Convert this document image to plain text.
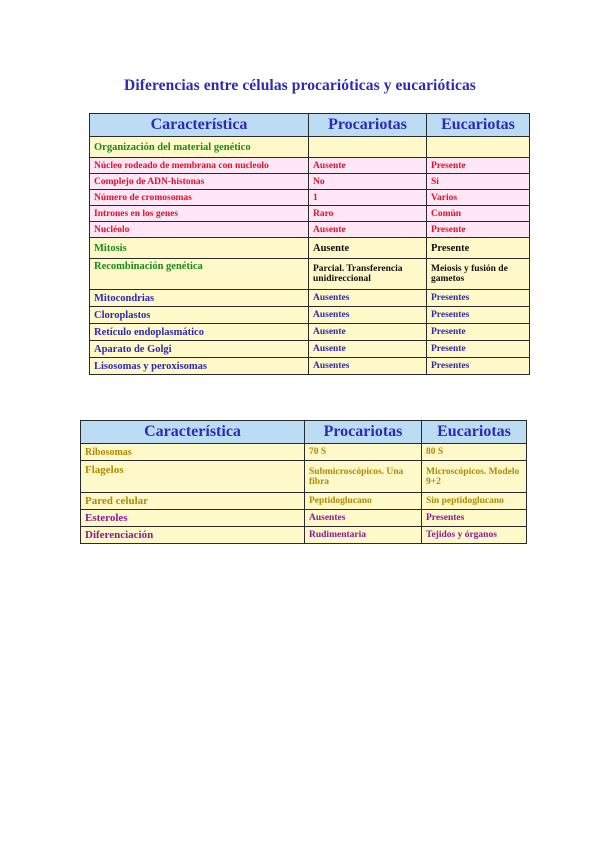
Diferencias entre células procarióticas y eucarióticas
Característica	Procariotas	Eucariotas
Organización del material genético		
Núcleo rodeado de membrana con nucleolo	Ausente	Presente
Complejo de ADN-histonas	No	Sí
Número de cromosomas	1	Varios
Intrones en los genes	Raro	Común
Nucléolo	Ausente	Presente
Mitosis	Ausente	Presente
Recombinación genética	Parcial. Transferencia unidireccional	Meiosis y fusión de gametos
Mitocondrias	Ausentes	Presentes
Cloroplastos	Ausentes	Presentes
Retículo endoplasmático	Ausente	Presente
Aparato de Golgi	Ausente	Presente
Lisosomas y peroxisomas	Ausentes	Presentes
Característica	Procariotas	Eucariotas
Ribosomas	70 S	80 S
Flagelos	Submicroscópicos. Una fibra	Microscópicos. Modelo 9+2
Pared celular	Peptidoglucano	Sin peptidoglucano
Esteroles	Ausentes	Presentes
Diferenciación	Rudimentaria	Tejidos y órganos
